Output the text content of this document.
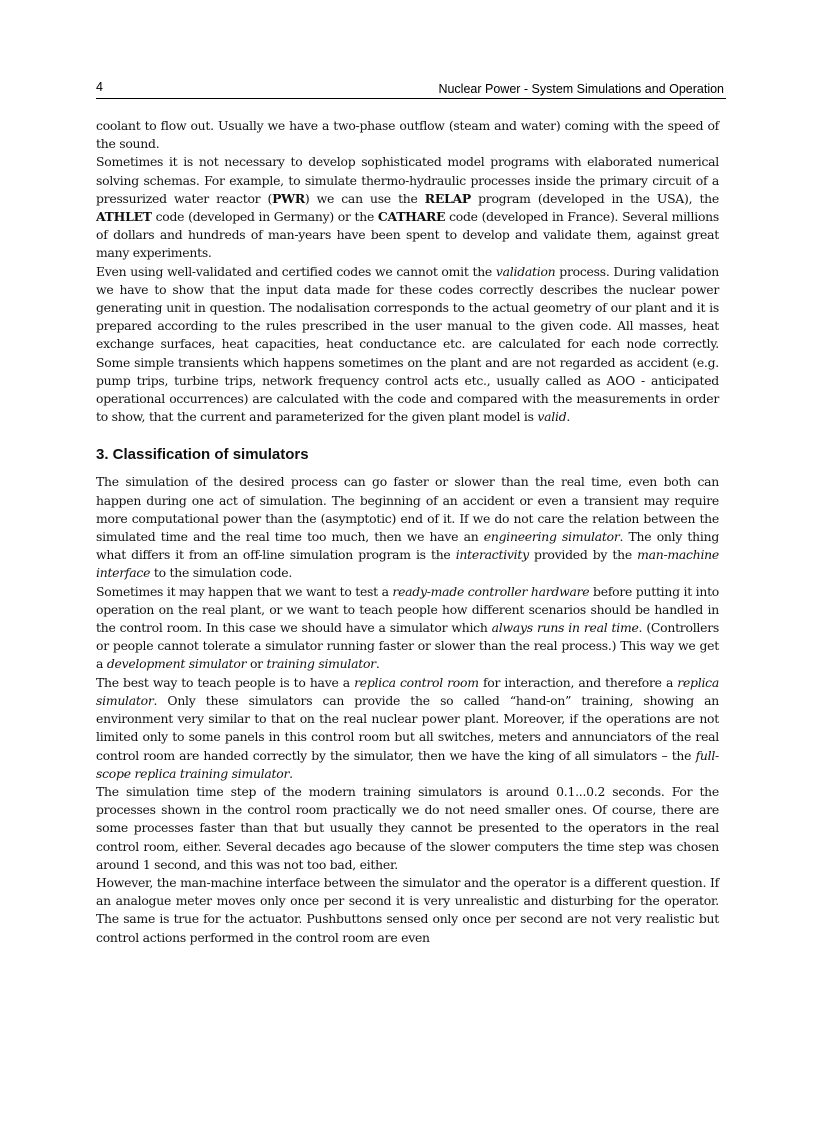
4	Nuclear Power - System Simulations and Operation

coolant to flow out. Usually we have a two-phase outflow (steam and water) coming with the speed of the sound.

Sometimes it is not necessary to develop sophisticated model programs with elaborated numerical solving schemas. For example, to simulate thermo-hydraulic processes inside the primary circuit of a pressurized water reactor (PWR) we can use the RELAP program (developed in the USA), the ATHLET code (developed in Germany) or the CATHARE code (developed in France). Several millions of dollars and hundreds of man-years have been spent to develop and validate them, against great many experiments.

Even using well-validated and certified codes we cannot omit the validation process. During validation we have to show that the input data made for these codes correctly describes the nuclear power generating unit in question. The nodalisation corresponds to the actual geometry of our plant and it is prepared according to the rules prescribed in the user manual to the given code. All masses, heat exchange surfaces, heat capacities, heat conductance etc. are calculated for each node correctly. Some simple transients which happens sometimes on the plant and are not regarded as accident (e.g. pump trips, turbine trips, network frequency control acts etc., usually called as AOO - anticipated operational occurrences) are calculated with the code and compared with the measurements in order to show, that the current and parameterized for the given plant model is valid.

3. Classification of simulators

The simulation of the desired process can go faster or slower than the real time, even both can happen during one act of simulation. The beginning of an accident or even a transient may require more computational power than the (asymptotic) end of it. If we do not care the relation between the simulated time and the real time too much, then we have an engineering simulator. The only thing what differs it from an off-line simulation program is the interactivity provided by the man-machine interface to the simulation code.

Sometimes it may happen that we want to test a ready-made controller hardware before putting it into operation on the real plant, or we want to teach people how different scenarios should be handled in the control room. In this case we should have a simulator which always runs in real time. (Controllers or people cannot tolerate a simulator running faster or slower than the real process.) This way we get a development simulator or training simulator.

The best way to teach people is to have a replica control room for interaction, and therefore a replica simulator. Only these simulators can provide the so called “hand-on” training, showing an environment very similar to that on the real nuclear power plant. Moreover, if the operations are not limited only to some panels in this control room but all switches, meters and annunciators of the real control room are handed correctly by the simulator, then we have the king of all simulators – the full-scope replica training simulator.

The simulation time step of the modern training simulators is around 0.1...0.2 seconds. For the processes shown in the control room practically we do not need smaller ones. Of course, there are some processes faster than that but usually they cannot be presented to the operators in the real control room, either. Several decades ago because of the slower computers the time step was chosen around 1 second, and this was not too bad, either.

However, the man-machine interface between the simulator and the operator is a different question. If an analogue meter moves only once per second it is very unrealistic and disturbing for the operator. The same is true for the actuator. Pushbuttons sensed only once per second are not very realistic but control actions performed in the control room are even
